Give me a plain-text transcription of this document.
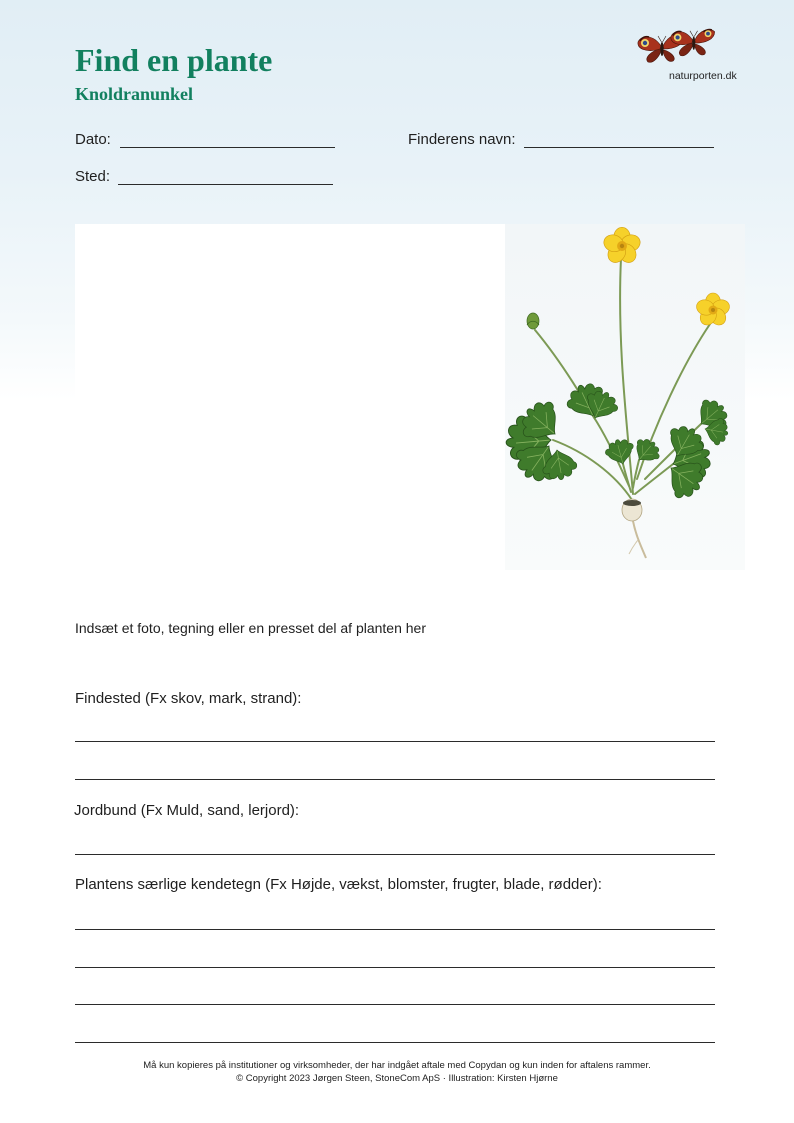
Find en plante
Knoldranunkel
naturporten.dk
Dato:	Finderens navn:
Sted:
Indsæt et foto, tegning eller en presset del af planten her
Findested (Fx skov, mark, strand):
Jordbund (Fx Muld, sand, lerjord):
Plantens særlige kendetegn (Fx Højde, vækst, blomster, frugter, blade, rødder):
Må kun kopieres på institutioner og virksomheder, der har indgået aftale med Copydan og kun inden for aftalens rammer.
© Copyright 2023 Jørgen Steen, StoneCom ApS · Illustration: Kirsten Hjørne
